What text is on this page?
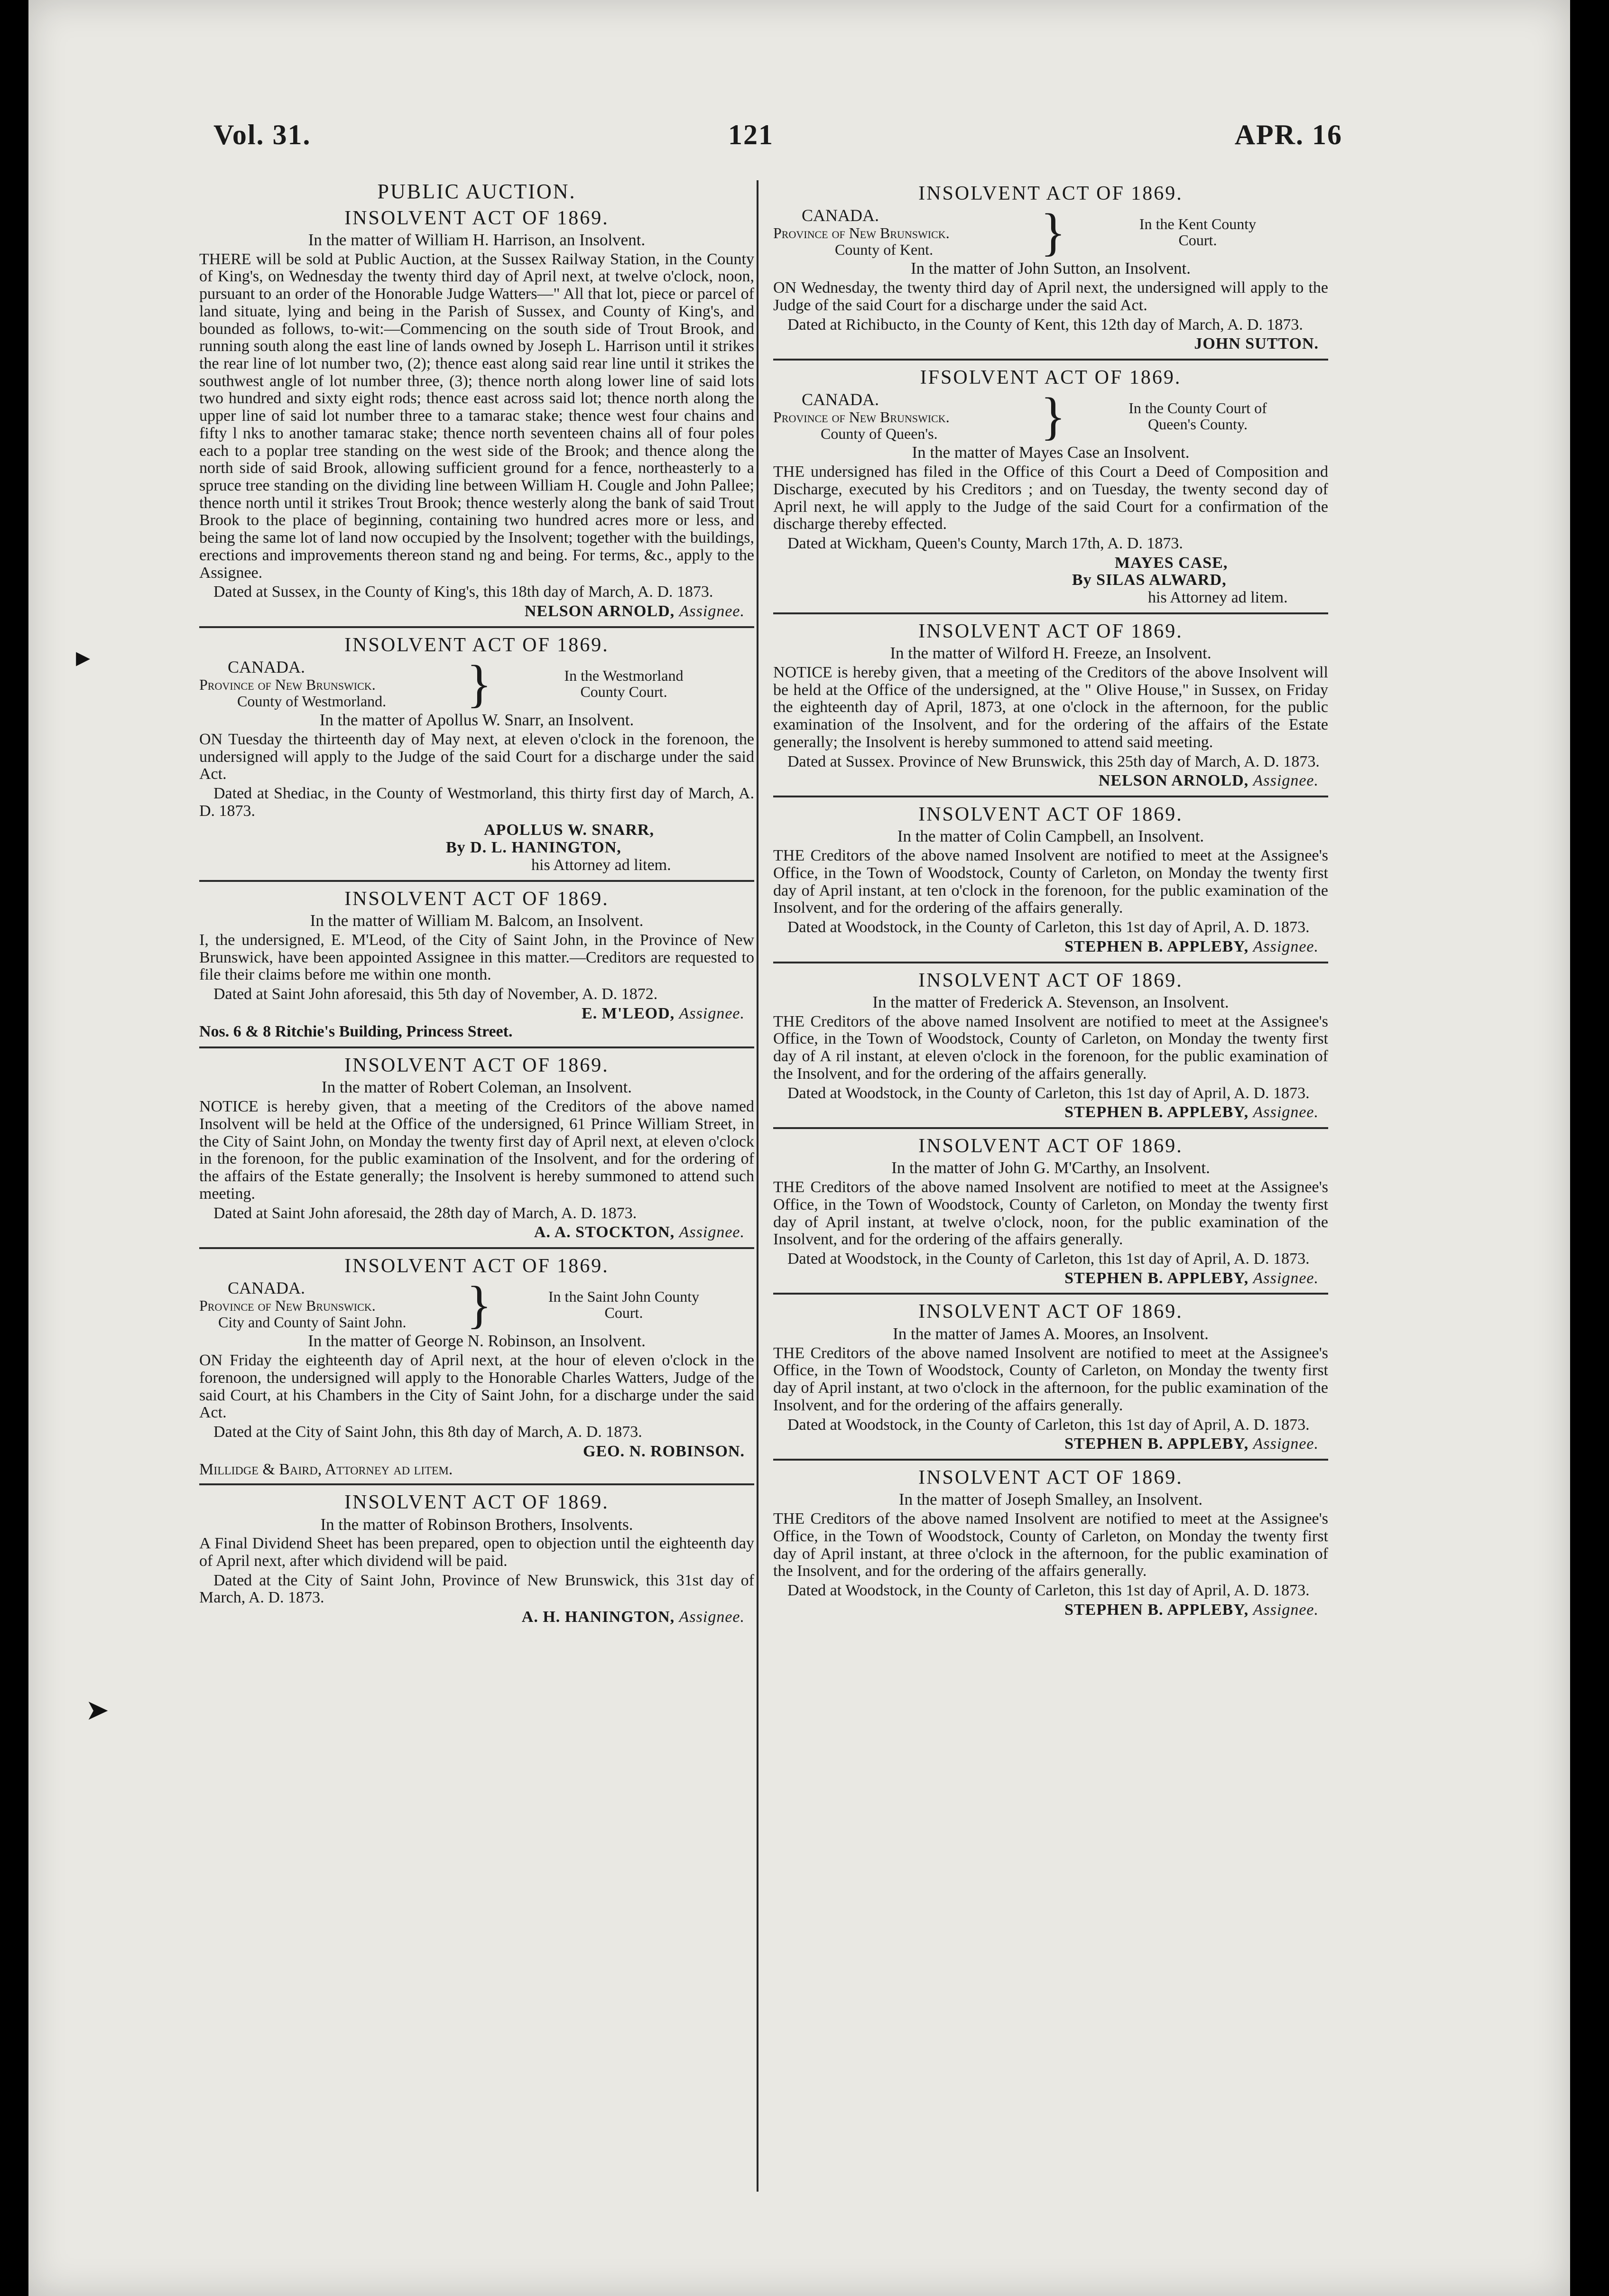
▸
➤
Vol. 31.	121	APR. 16
PUBLIC AUCTION.
INSOLVENT ACT OF 1869.
In the matter of William H. Harrison, an Insolvent.

THERE will be sold at Public Auction, at the Sussex Railway Station, in the County of King's, on Wednesday the twenty third day of April next, at twelve o'clock, noon, pursuant to an order of the Honorable Judge Watters—" All that lot, piece or parcel of land situate, lying and being in the Parish of Sussex, and County of King's, and bounded as follows, to-wit:—Commencing on the south side of Trout Brook, and running south along the east line of lands owned by Joseph L. Harrison until it strikes the rear line of lot number two, (2); thence east along said rear line until it strikes the southwest angle of lot number three, (3); thence north along lower line of said lots two hundred and sixty eight rods; thence east across said lot; thence north along the upper line of said lot number three to a tamarac stake; thence west four chains and fifty l nks to another tamarac stake; thence north seventeen chains all of four poles each to a poplar tree standing on the west side of the Brook; and thence along the north side of said Brook, allowing sufficient ground for a fence, northeasterly to a spruce tree standing on the dividing line between William H. Cougle and John Pallee; thence north until it strikes Trout Brook; thence westerly along the bank of said Trout Brook to the place of beginning, containing two hundred acres more or less, and being the same lot of land now occupied by the Insolvent; together with the buildings, erections and improvements thereon stand ng and being. For terms, &c., apply to the Assignee.

Dated at Sussex, in the County of King's, this 18th day of March, A. D. 1873.

NELSON ARNOLD, Assignee.
INSOLVENT ACT OF 1869.
CANADA.
Province of New Brunswick.
County of Westmorland.	}	In the Westmorland
County Court.
In the matter of Apollus W. Snarr, an Insolvent.

ON Tuesday the thirteenth day of May next, at eleven o'clock in the forenoon, the undersigned will apply to the Judge of the said Court for a discharge under the said Act.

Dated at Shediac, in the County of Westmorland, this thirty first day of March, A. D. 1873.

APOLLUS W. SNARR,
By D. L. HANINGTON,
his Attorney ad litem.
INSOLVENT ACT OF 1869.
In the matter of William M. Balcom, an Insolvent.

I, the undersigned, E. M'Leod, of the City of Saint John, in the Province of New Brunswick, have been appointed Assignee in this matter.—Creditors are requested to file their claims before me within one month.

Dated at Saint John aforesaid, this 5th day of November, A. D. 1872.

E. M'LEOD, Assignee.
Nos. 6 & 8 Ritchie's Building, Princess Street.
INSOLVENT ACT OF 1869.
In the matter of Robert Coleman, an Insolvent.

NOTICE is hereby given, that a meeting of the Creditors of the above named Insolvent will be held at the Office of the undersigned, 61 Prince William Street, in the City of Saint John, on Monday the twenty first day of April next, at eleven o'clock in the forenoon, for the public examination of the Insolvent, and for the ordering of the affairs of the Estate generally; the Insolvent is hereby summoned to attend such meeting.

Dated at Saint John aforesaid, the 28th day of March, A. D. 1873.

A. A. STOCKTON, Assignee.
INSOLVENT ACT OF 1869.
CANADA.
Province of New Brunswick.
City and County of Saint John.	}	In the Saint John County
Court.
In the matter of George N. Robinson, an Insolvent.

ON Friday the eighteenth day of April next, at the hour of eleven o'clock in the forenoon, the undersigned will apply to the Honorable Charles Watters, Judge of the said Court, at his Chambers in the City of Saint John, for a discharge under the said Act.

Dated at the City of Saint John, this 8th day of March, A. D. 1873.

GEO. N. ROBINSON.
Millidge & Baird, Attorney ad litem.
INSOLVENT ACT OF 1869.
In the matter of Robinson Brothers, Insolvents.

A Final Dividend Sheet has been prepared, open to objection until the eighteenth day of April next, after which dividend will be paid.

Dated at the City of Saint John, Province of New Brunswick, this 31st day of March, A. D. 1873.

A. H. HANINGTON, Assignee.
INSOLVENT ACT OF 1869.
CANADA.
Province of New Brunswick.
County of Kent.	}	In the Kent County
Court.
In the matter of John Sutton, an Insolvent.

ON Wednesday, the twenty third day of April next, the undersigned will apply to the Judge of the said Court for a discharge under the said Act.

Dated at Richibucto, in the County of Kent, this 12th day of March, A. D. 1873.

JOHN SUTTON.
IFSOLVENT ACT OF 1869.
CANADA.
Province of New Brunswick.
County of Queen's.	}	In the County Court of
Queen's County.
In the matter of Mayes Case an Insolvent.

THE undersigned has filed in the Office of this Court a Deed of Composition and Discharge, executed by his Creditors ; and on Tuesday, the twenty second day of April next, he will apply to the Judge of the said Court for a confirmation of the discharge thereby effected.

Dated at Wickham, Queen's County, March 17th, A. D. 1873.

MAYES CASE,
By SILAS ALWARD,
his Attorney ad litem.
INSOLVENT ACT OF 1869.
In the matter of Wilford H. Freeze, an Insolvent.

NOTICE is hereby given, that a meeting of the Creditors of the above Insolvent will be held at the Office of the undersigned, at the " Olive House," in Sussex, on Friday the eighteenth day of April, 1873, at one o'clock in the afternoon, for the public examination of the Insolvent, and for the ordering of the affairs of the Estate generally; the Insolvent is hereby summoned to attend said meeting.

Dated at Sussex. Province of New Brunswick, this 25th day of March, A. D. 1873.

NELSON ARNOLD, Assignee.
INSOLVENT ACT OF 1869.
In the matter of Colin Campbell, an Insolvent.

THE Creditors of the above named Insolvent are notified to meet at the Assignee's Office, in the Town of Woodstock, County of Carleton, on Monday the twenty first day of April instant, at ten o'clock in the forenoon, for the public examination of the Insolvent, and for the ordering of the affairs generally.

Dated at Woodstock, in the County of Carleton, this 1st day of April, A. D. 1873.

STEPHEN B. APPLEBY, Assignee.
INSOLVENT ACT OF 1869.
In the matter of Frederick A. Stevenson, an Insolvent.

THE Creditors of the above named Insolvent are notified to meet at the Assignee's Office, in the Town of Woodstock, County of Carleton, on Monday the twenty first day of A ril instant, at eleven o'clock in the forenoon, for the public examination of the Insolvent, and for the ordering of the affairs generally.

Dated at Woodstock, in the County of Carleton, this 1st day of April, A. D. 1873.

STEPHEN B. APPLEBY, Assignee.
INSOLVENT ACT OF 1869.
In the matter of John G. M'Carthy, an Insolvent.

THE Creditors of the above named Insolvent are notified to meet at the Assignee's Office, in the Town of Woodstock, County of Carleton, on Monday the twenty first day of April instant, at twelve o'clock, noon, for the public examination of the Insolvent, and for the ordering of the affairs generally.

Dated at Woodstock, in the County of Carleton, this 1st day of April, A. D. 1873.

STEPHEN B. APPLEBY, Assignee.
INSOLVENT ACT OF 1869.
In the matter of James A. Moores, an Insolvent.

THE Creditors of the above named Insolvent are notified to meet at the Assignee's Office, in the Town of Woodstock, County of Carleton, on Monday the twenty first day of April instant, at two o'clock in the afternoon, for the public examination of the Insolvent, and for the ordering of the affairs generally.

Dated at Woodstock, in the County of Carleton, this 1st day of April, A. D. 1873.

STEPHEN B. APPLEBY, Assignee.
INSOLVENT ACT OF 1869.
In the matter of Joseph Smalley, an Insolvent.

THE Creditors of the above named Insolvent are notified to meet at the Assignee's Office, in the Town of Woodstock, County of Carleton, on Monday the twenty first day of April instant, at three o'clock in the afternoon, for the public examination of the Insolvent, and for the ordering of the affairs generally.

Dated at Woodstock, in the County of Carleton, this 1st day of April, A. D. 1873.

STEPHEN B. APPLEBY, Assignee.
